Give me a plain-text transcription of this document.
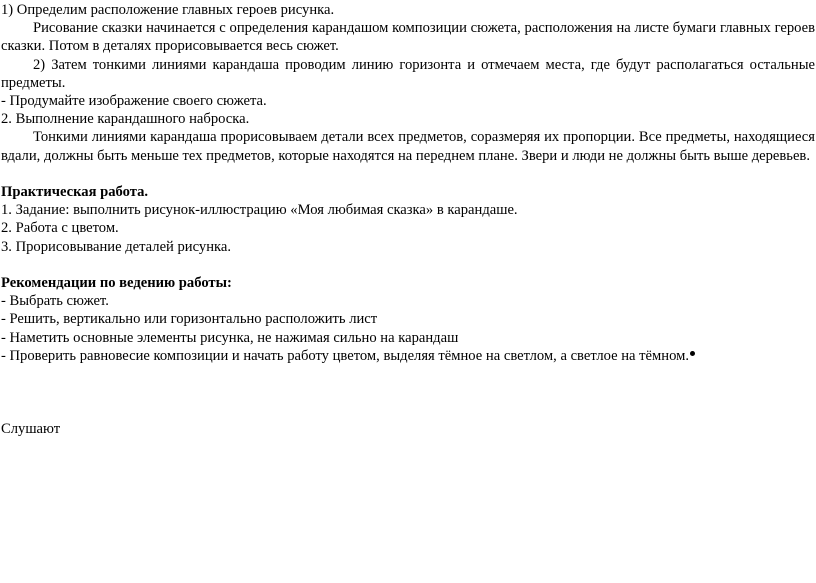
1) Определим расположение главных героев рисунка.

Рисование сказки начинается с определения карандашом композиции сюжета, расположения на листе бумаги главных героев сказки. Потом в деталях прорисовывается весь сюжет.

2) Затем тонкими линиями карандаша проводим линию горизонта и отмечаем места, где будут располагаться остальные предметы.

- Продумайте изображение своего сюжета.

2. Выполнение карандашного наброска.

Тонкими линиями карандаша прорисовываем детали всех предметов, соразмеряя их пропорции. Все предметы, находящиеся вдали, должны быть меньше тех предметов, которые находятся на переднем плане. Звери и люди не должны быть выше деревьев.

Практическая работа.

1. Задание: выполнить рисунок-иллюстрацию «Моя любимая сказка» в карандаше.

2. Работа с цветом.

3. Прорисовывание деталей рисунка.

Рекомендации по ведению работы:

- Выбрать сюжет.

- Решить, вертикально или горизонтально расположить лист

- Наметить основные элементы рисунка, не нажимая сильно на карандаш

- Проверить равновесие композиции и начать работу цветом, выделяя тёмное на светлом, а светлое на тёмном.

Слушают
